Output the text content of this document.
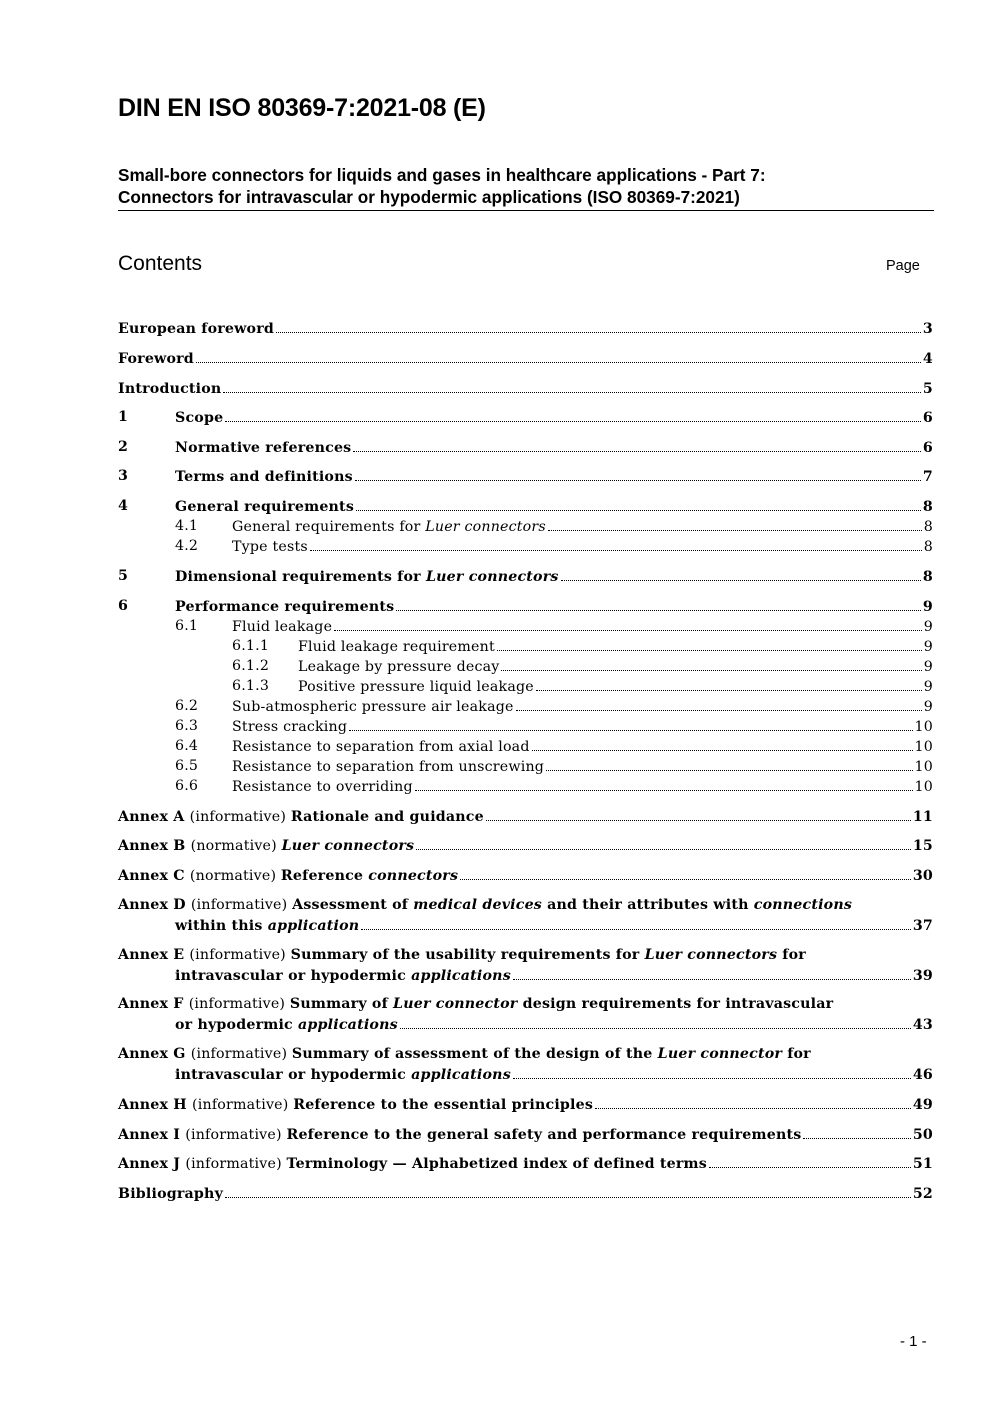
DIN EN ISO 80369-7:2021-08 (E)
Small-bore connectors for liquids and gases in healthcare applications - Part 7:
Connectors for intravascular or hypodermic applications (ISO 80369-7:2021)
Contents	Page
European foreword	3
Foreword	4
Introduction	5
1	Scope	6
2	Normative references	6
3	Terms and definitions	7
4	General requirements	8
4.1 General requirements for Luer connectors	8
4.2 Type tests	8
5	Dimensional requirements for Luer connectors	8
6	Performance requirements	9
6.1 Fluid leakage	9
6.1.1 Fluid leakage requirement	9
6.1.2 Leakage by pressure decay	9
6.1.3 Positive pressure liquid leakage	9
6.2 Sub-atmospheric pressure air leakage	9
6.3 Stress cracking	10
6.4 Resistance to separation from axial load	10
6.5 Resistance to separation from unscrewing	10
6.6 Resistance to overriding	10
Annex A (informative) Rationale and guidance	11
Annex B (normative) Luer connectors	15
Annex C (normative) Reference connectors	30
Annex D (informative) Assessment of medical devices and their attributes with connections
within this application	37
Annex E (informative) Summary of the usability requirements for Luer connectors for
intravascular or hypodermic applications	39
Annex F (informative) Summary of Luer connector design requirements for intravascular
or hypodermic applications	43
Annex G (informative) Summary of assessment of the design of the Luer connector for
intravascular or hypodermic applications	46
Annex H (informative) Reference to the essential principles	49
Annex I (informative) Reference to the general safety and performance requirements	50
Annex J (informative) Terminology — Alphabetized index of defined terms	51
Bibliography	52
- 1 -
